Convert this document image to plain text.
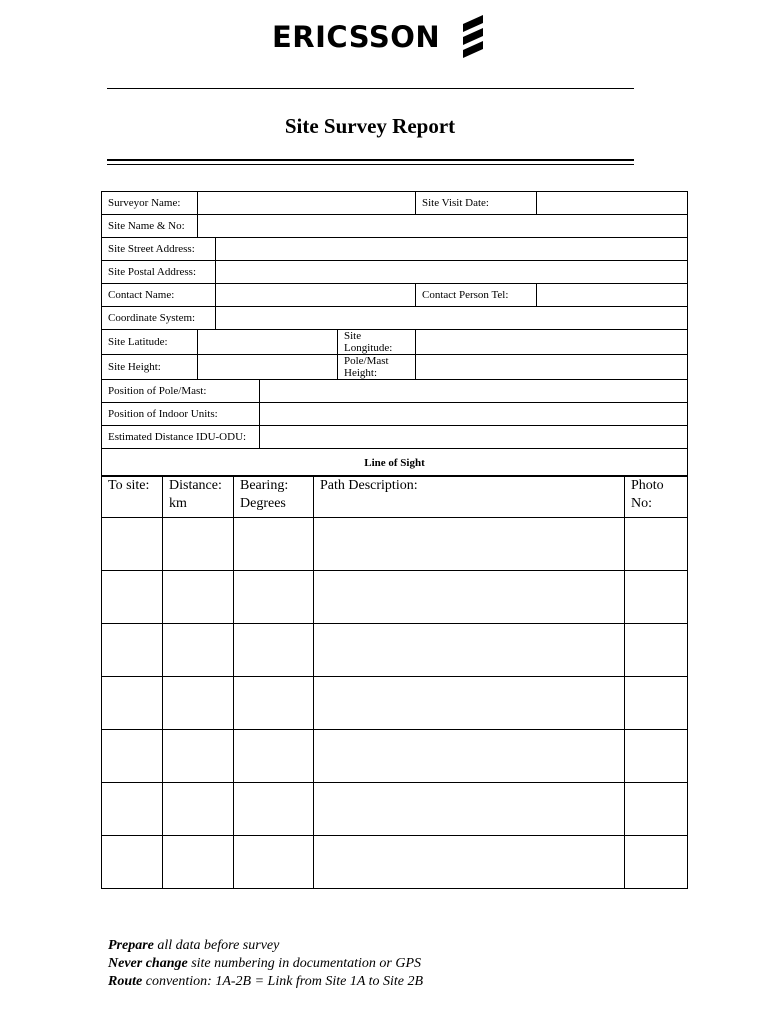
ERICSSON
Site Survey Report
Surveyor Name:					Site Visit Date:	
Site Name & No:						
Site Street Address:						
Site Postal Address:						
Contact Name:					Contact Person Tel:	
Coordinate System:						
Site Latitude:				Site Longitude:		
Site Height:				Pole/Mast Height:		
Position of Pole/Mast:						
Position of Indoor Units:						
Estimated Distance IDU-ODU:						
Line of Sight						
To site:	Distance: km	Bearing: Degrees	Path Description:	Photo No:

Prepare all data before survey
Never change site numbering in documentation or GPS
Route convention: 1A-2B = Link from Site 1A to Site 2B
